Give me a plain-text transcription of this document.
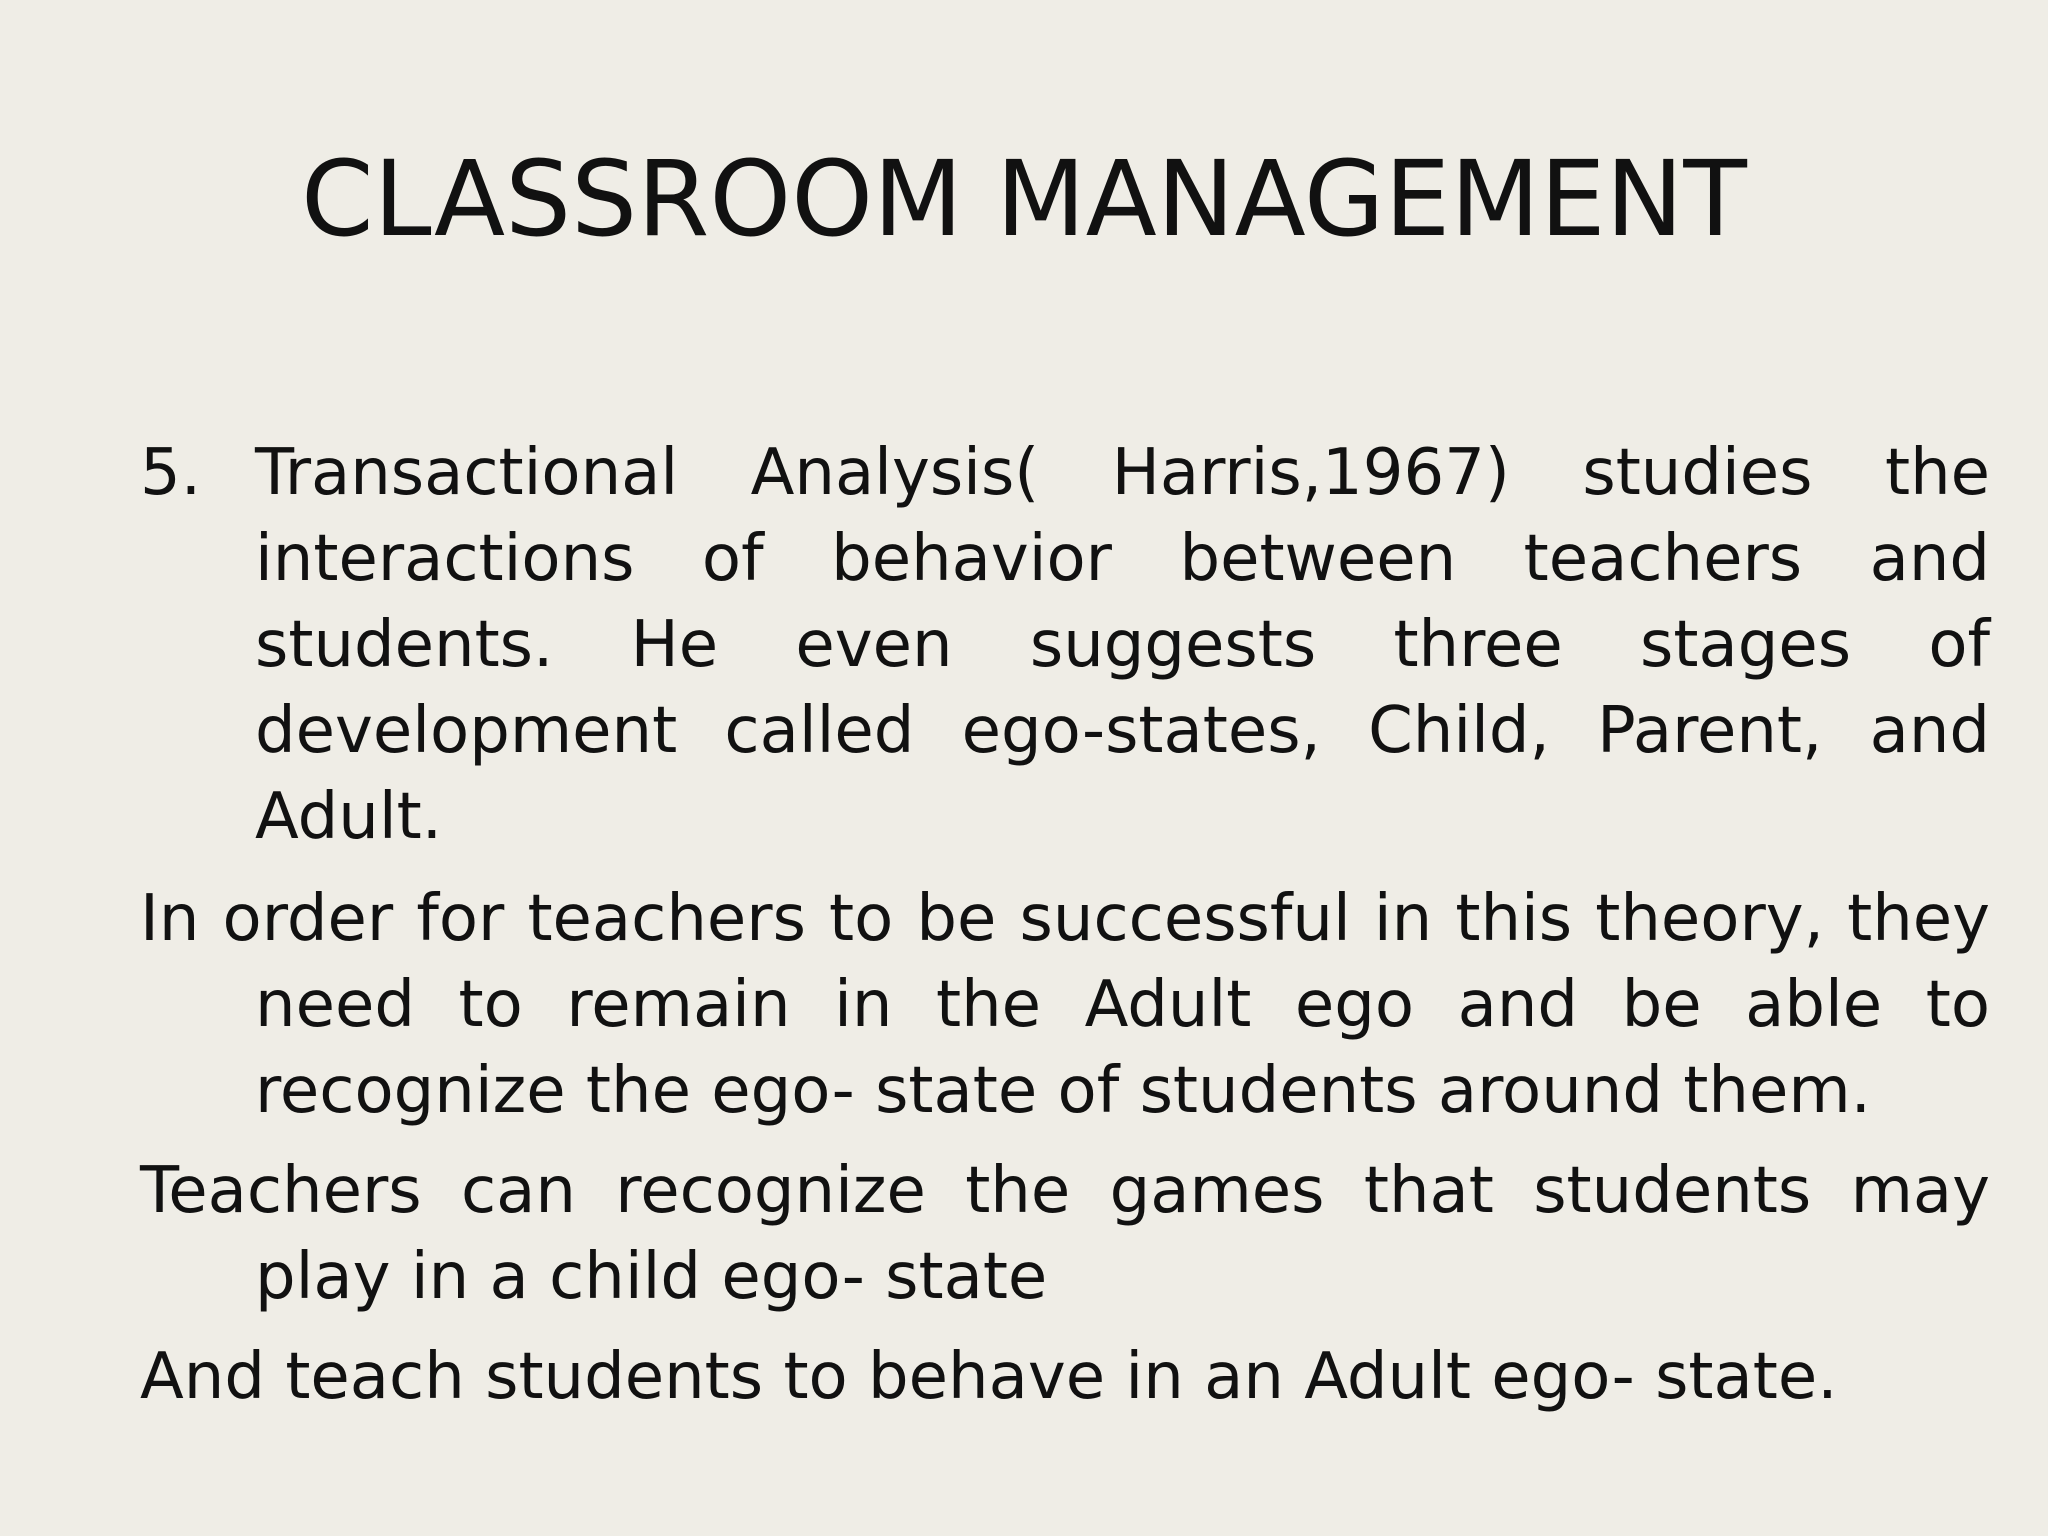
CLASSROOM MANAGEMENT

5. Transactional Analysis( Harris,1967) studies the interactions of behavior between teachers and students. He even suggests three stages of development called ego-states, Child, Parent, and Adult.

In order for teachers to be successful in this theory, they need to remain in the Adult ego and be able to recognize the ego- state of students around them.

Teachers can recognize the games that students may play in a child ego- state

And teach students to behave in an Adult ego- state.
